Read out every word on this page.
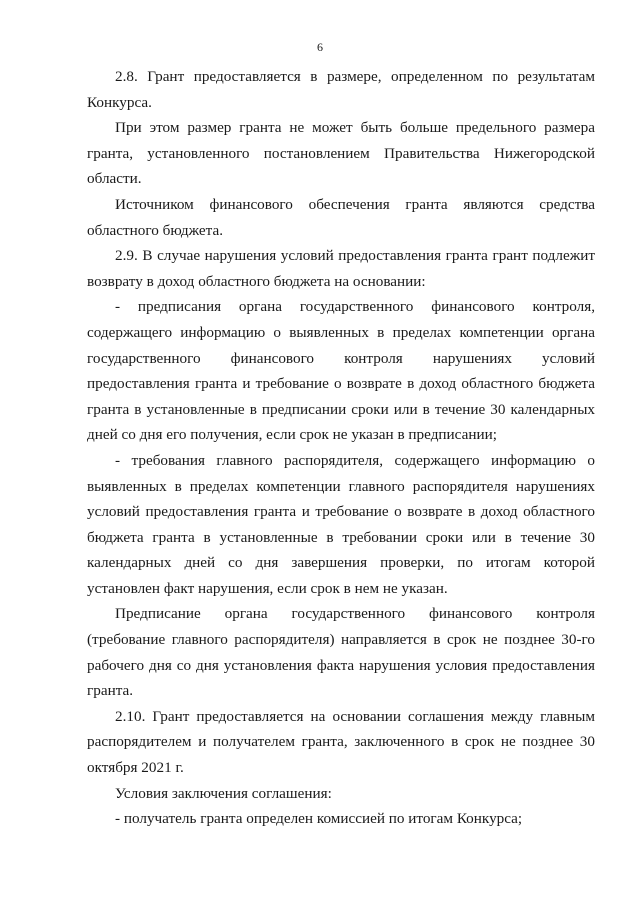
6

2.8. Грант предоставляется в размере, определенном по результатам Конкурса.

При этом размер гранта не может быть больше предельного размера гранта, установленного постановлением Правительства Нижегородской области.

Источником финансового обеспечения гранта являются средства областного бюджета.

2.9. В случае нарушения условий предоставления гранта грант подлежит возврату в доход областного бюджета на основании:

- предписания органа государственного финансового контроля, содержащего информацию о выявленных в пределах компетенции органа государственного финансового контроля нарушениях условий предоставления гранта и требование о возврате в доход областного бюджета гранта в установленные в предписании сроки или в течение 30 календарных дней со дня его получения, если срок не указан в предписании;

- требования главного распорядителя, содержащего информацию о выявленных в пределах компетенции главного распорядителя нарушениях условий предоставления гранта и требование о возврате в доход областного бюджета гранта в установленные в требовании сроки или в течение 30 календарных дней со дня завершения проверки, по итогам которой установлен факт нарушения, если срок в нем не указан.

Предписание органа государственного финансового контроля (требование главного распорядителя) направляется в срок не позднее 30-го рабочего дня со дня установления факта нарушения условия предоставления гранта.

2.10. Грант предоставляется на основании соглашения между главным распорядителем и получателем гранта, заключенного в срок не позднее 30 октября 2021 г.

Условия заключения соглашения:

- получатель гранта определен комиссией по итогам Конкурса;
